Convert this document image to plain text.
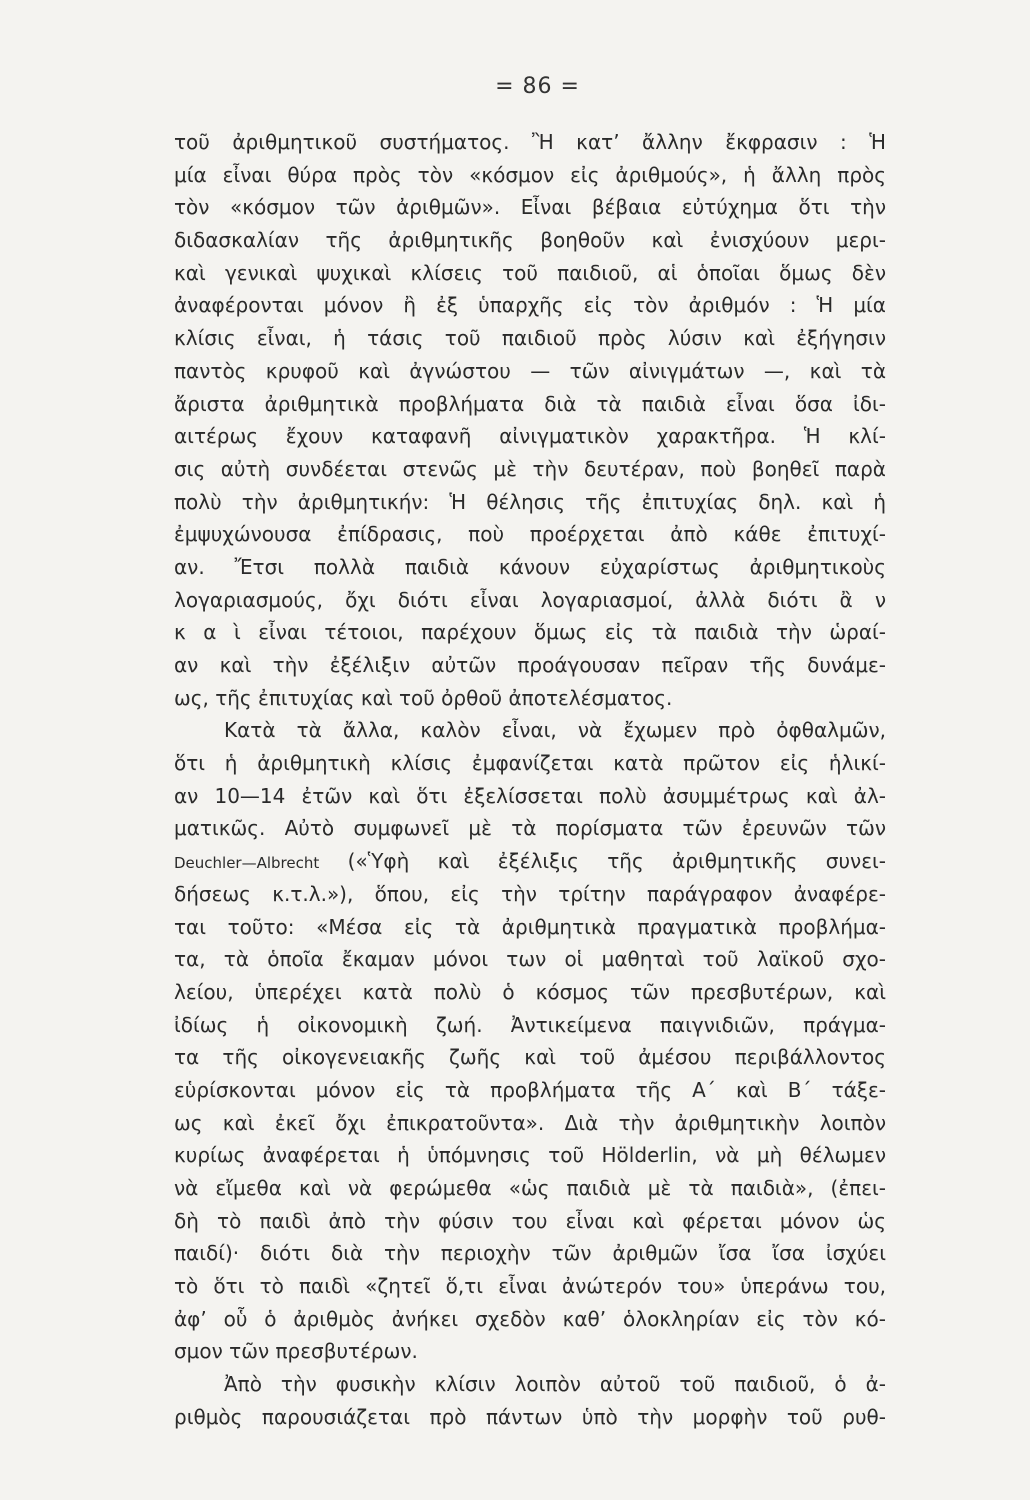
= 86 =
τοῦ ἀριθμητικοῦ συστήματος. Ἢ κατ’ ἄλλην ἔκφρασιν : Ἡ
μία εἶναι θύρα πρὸς τὸν «κόσμον εἰς ἀριθμούς», ἡ ἄλλη πρὸς
τὸν «κόσμον τῶν ἀριθμῶν». Εἶναι βέβαια εὐτύχημα ὅτι τὴν
διδασκαλίαν τῆς ἀριθμητικῆς βοηθοῦν καὶ ἐνισχύουν μερι-
καὶ γενικαὶ ψυχικαὶ κλίσεις τοῦ παιδιοῦ, αἱ ὁποῖαι ὅμως δὲν
ἀναφέρονται μόνον ἢ ἐξ ὑπαρχῆς εἰς τὸν ἀριθμόν : Ἡ μία
κλίσις εἶναι, ἡ τάσις τοῦ παιδιοῦ πρὸς λύσιν καὶ ἐξήγησιν
παντὸς κρυφοῦ καὶ ἀγνώστου — τῶν αἰνιγμάτων —, καὶ τὰ
ἄριστα ἀριθμητικὰ προβλήματα διὰ τὰ παιδιὰ εἶναι ὅσα ἰδι-
αιτέρως ἔχουν καταφανῆ αἰνιγματικὸν χαρακτῆρα. Ἡ κλί-
σις αὐτὴ συνδέεται στενῶς μὲ τὴν δευτέραν, ποὺ βοηθεῖ παρὰ
πολὺ τὴν ἀριθμητικήν: Ἡ θέλησις τῆς ἐπιτυχίας δηλ. καὶ ἡ
ἐμψυχώνουσα ἐπίδρασις, ποὺ προέρχεται ἀπὸ κάθε ἐπιτυχί-
αν. Ἔτσι πολλὰ παιδιὰ κάνουν εὐχαρίστως ἀριθμητικοὺς
λογαριασμούς, ὄχι διότι εἶναι λογαριασμοί, ἀλλὰ διότι ἂ ν
κ α ὶ εἶναι τέτοιοι, παρέχουν ὅμως εἰς τὰ παιδιὰ τὴν ὡραί-
αν καὶ τὴν ἐξέλιξιν αὐτῶν προάγουσαν πεῖραν τῆς δυνάμε-
ως, τῆς ἐπιτυχίας καὶ τοῦ ὀρθοῦ ἀποτελέσματος.
Κατὰ τὰ ἄλλα, καλὸν εἶναι, νὰ ἔχωμεν πρὸ ὀφθαλμῶν,
ὅτι ἡ ἀριθμητικὴ κλίσις ἐμφανίζεται κατὰ πρῶτον εἰς ἡλικί-
αν 10—14 ἐτῶν καὶ ὅτι ἐξελίσσεται πολὺ ἀσυμμέτρως καὶ ἀλ-
ματικῶς. Αὐτὸ συμφωνεῖ μὲ τὰ πορίσματα τῶν ἐρευνῶν τῶν
Deuchler—Albrecht («Ὑφὴ καὶ ἐξέλιξις τῆς ἀριθμητικῆς συνει-
δήσεως κ.τ.λ.»), ὅπου, εἰς τὴν τρίτην παράγραφον ἀναφέρε-
ται τοῦτο: «Μέσα εἰς τὰ ἀριθμητικὰ πραγματικὰ προβλήμα-
τα, τὰ ὁποῖα ἔκαμαν μόνοι των οἱ μαθηταὶ τοῦ λαϊκοῦ σχο-
λείου, ὑπερέχει κατὰ πολὺ ὁ κόσμος τῶν πρεσβυτέρων, καὶ
ἰδίως ἡ οἰκονομικὴ ζωή. Ἀντικείμενα παιγνιδιῶν, πράγμα-
τα τῆς οἰκογενειακῆς ζωῆς καὶ τοῦ ἀμέσου περιβάλλοντος
εὑρίσκονται μόνον εἰς τὰ προβλήματα τῆς Α΄ καὶ Β΄ τάξε-
ως καὶ ἐκεῖ ὄχι ἐπικρατοῦντα». Διὰ τὴν ἀριθμητικὴν λοιπὸν
κυρίως ἀναφέρεται ἡ ὑπόμνησις τοῦ Hölderlin, νὰ μὴ θέλωμεν
νὰ εἴμεθα καὶ νὰ φερώμεθα «ὡς παιδιὰ μὲ τὰ παιδιὰ», (ἐπει-
δὴ τὸ παιδὶ ἀπὸ τὴν φύσιν του εἶναι καὶ φέρεται μόνον ὡς
παιδί)· διότι διὰ τὴν περιοχὴν τῶν ἀριθμῶν ἴσα ἴσα ἰσχύει
τὸ ὅτι τὸ παιδὶ «ζητεῖ ὅ,τι εἶναι ἀνώτερόν του» ὑπεράνω του,
ἀφ’ οὗ ὁ ἀριθμὸς ἀνήκει σχεδὸν καθ’ ὁλοκληρίαν εἰς τὸν κό-
σμον τῶν πρεσβυτέρων.
Ἀπὸ τὴν φυσικὴν κλίσιν λοιπὸν αὐτοῦ τοῦ παιδιοῦ, ὁ ἀ-
ριθμὸς παρουσιάζεται πρὸ πάντων ὑπὸ τὴν μορφὴν τοῦ ρυθ-
